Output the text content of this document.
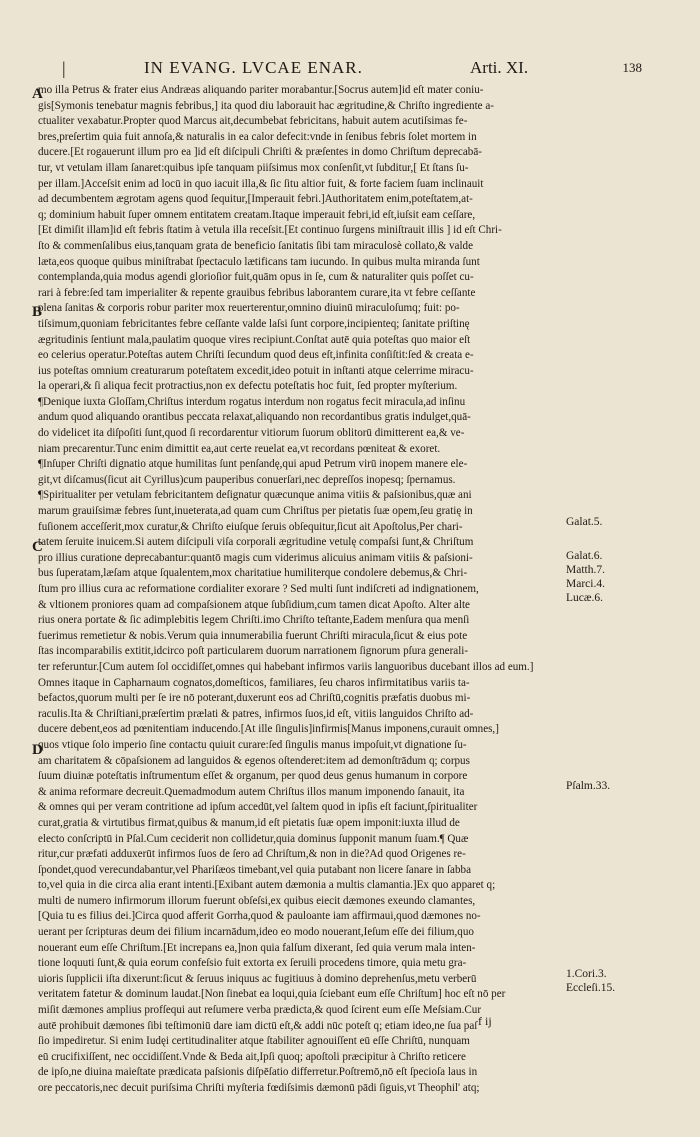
|	IN EVANG. LVCAE ENAR.	Arti. XI.	138
A
B
C
D
mo illa Petrus & frater eius Andrӕas aliquando pariter morabantur.[Socrus autem]id eſt mater coniu-
gis[Symonis tenebatur magnis febribus,] ita quod diu laborauit hac ӕgritudine,& Chriſto ingrediente a-
ctualiter vexabatur.Propter quod Marcus ait,decumbebat febricitans, habuit autem acutiſsimas fe-
bres,preſertim quia fuit annoſa,& naturalis in ea calor defecit:vnde in ſenibus febris ſolet mortem in
ducere.[Et rogauerunt illum pro ea ]id eſt diſcipuli Chriſti & prӕſentes in domo Chriſtum deprecabā-
tur, vt vetulam illam ſanaret:quibus ipſe tanquam piiſsimus mox conſenſit,vt ſubditur,[ Et ſtans ſu-
per illam.]Acceſsit enim ad locū in quo iacuit illa,& ſic ſitu altior fuit, & forte faciem ſuam inclinauit
ad decumbentem ӕgrotam agens quod ſequitur,[Imperauit febri.]Authoritatem enim,poteſtatem,at-
q; dominium habuit ſuper omnem entitatem creatam.Itaque imperauit febri,id eſt,iuſsit eam ceſſare,
[Et dimiſit illam]id eſt febris ſtatim à vetula illa receſsit.[Et continuo ſurgens miniſtrauit illis ] id eſt Chri-
ſto & commenſalibus eius,tanquam grata de beneficio ſanitatis ſibi tam miraculosè collato,& valde
lӕta,eos quoque quibus miniſtrabat ſpectaculo lӕtificans tam iucundo. In quibus multa miranda ſunt
contemplanda,quia modus agendi glorioſior fuit,quām opus in ſe, cum & naturaliter quis poſſet cu-
rari à febre:ſed tam imperialiter & repente grauibus febribus laborantem curare,ita vt febre ceſſante
plena ſanitas & corporis robur pariter mox reuerterentur,omnino diuinū miraculoſumq; fuit: po-
tiſsimum,quoniam febricitantes febre ceſſante valde laſsi ſunt corpore,incipienteq; ſanitate priſtinę
ӕgritudinis ſentiunt mala,paulatim quoque vires recipiunt.Conſtat autē quia poteſtas quo maior eſt
eo celerius operatur.Poteſtas autem Chriſti ſecundum quod deus eſt,infinita conſiſtit:ſed & creata e-
ius poteſtas omnium creaturarum poteſtatem excedit,ideo potuit in inſtanti atque celerrime miracu-
la operari,& ſi aliqua fecit protractius,non ex defectu poteſtatis hoc fuit, ſed propter myſterium.
¶Denique iuxta Gloſſam,Chriſtus interdum rogatus interdum non rogatus fecit miracula,ad inſinu
andum quod aliquando orantibus peccata relaxat,aliquando non recordantibus gratis indulget,quā-
do videlicet ita diſpoſiti ſunt,quod ſi recordarentur vitiorum ſuorum oblitorū dimitterent ea,& ve-
niam precarentur.Tunc enim dimittit ea,aut certe reuelat ea,vt recordans pœniteat & exoret.
¶Inſuper Chriſti dignatio atque humilitas ſunt penſandę,qui apud Petrum virū inopem manere ele-
git,vt diſcamus(ſicut ait Cyrillus)cum pauperibus conuerſari,nec depreſſos inopesq; ſpernamus.
¶Spiritualiter per vetulam febricitantem deſignatur quӕcunque anima vitiis & paſsionibus,quӕ ani
marum grauiſsimӕ febres ſunt,inueterata,ad quam cum Chriſtus per pietatis ſuӕ opem,ſeu gratię in
fuſionem acceſſerit,mox curatur,& Chriſto eiuſque ſeruis obſequitur,ſicut ait Apoſtolus,Per chari-
tatem ſeruite inuicem.Si autem diſcipuli viſa corporali ӕgritudine vetulę compaſsi ſunt,& Chriſtum
pro illius curatione deprecabantur:quantō magis cum viderimus alicuius animam vitiis & paſsioni-
bus ſuperatam,lӕſam atque ſqualentem,mox charitatiue humiliterque condolere debemus,& Chri-
ſtum pro illius cura ac reformatione cordialiter exorare ? Sed multi ſunt indiſcreti ad indignationem,
& vltionem proniores quam ad compaſsionem atque ſubſidium,cum tamen dicat Apoſto. Alter alte
rius onera portate & ſic adimplebitis legem Chriſti.imo Chriſto teſtante,Eadem menſura qua menſi
fuerimus remetietur & nobis.Verum quia innumerabilia fuerunt Chriſti miracula,ſicut & eius pote
ſtas incomparabilis extitit,idcirco poſt particularem duorum narrationem ſignorum pſura generali-
ter referuntur.[Cum autem ſol occidiſſet,omnes qui habebant infirmos variis languoribus ducebant illos ad eum.]
Omnes itaque in Capharnaum cognatos,domeſticos, familiares, ſeu charos infirmitatibus variis ta-
befactos,quorum multi per ſe ire nō poterant,duxerunt eos ad Chriſtū,cognitis prӕfatis duobus mi-
raculis.Ita & Chriſtiani,prӕſertim prӕlati & patres, infirmos ſuos,id eſt, vitiis languidos Chriſto ad-
ducere debent,eos ad pœnitentiam inducendo.[At ille ſingulis]infirmis[Manus imponens,curauit omnes,]
quos vtique ſolo imperio ſine contactu quiuit curare:ſed ſingulis manus impoſuit,vt dignatione ſu-
am charitatem & cōpaſsionem ad languidos & egenos oſtenderet:item ad demonſtrādum q; corpus
ſuum diuinӕ poteſtatis inſtrumentum eſſet & organum, per quod deus genus humanum in corpore
& anima reformare decreuit.Quemadmodum autem Chriſtus illos manum imponendo ſanauit, ita
& omnes qui per veram contritione ad ipſum accedūt,vel ſaltem quod in ipſis eſt faciunt,ſpiritualiter
curat,gratia & virtutibus firmat,quibus & manum,id eſt pietatis ſuӕ opem imponit:iuxta illud de
electo conſcriptū in Pſal.Cum ceciderit non collidetur,quia dominus ſupponit manum ſuam.¶ Quӕ
ritur,cur prӕfati adduxerūt infirmos ſuos de ſero ad Chriſtum,& non in die?Ad quod Origenes re-
ſpondet,quod verecundabantur,vel Phariſӕos timebant,vel quia putabant non licere ſanare in ſabba
to,vel quia in die circa alia erant intenti.[Exibant autem dӕmonia a multis clamantia.]Ex quo apparet q;
multi de numero infirmorum illorum fuerunt obſeſsi,ex quibus eiecit dӕmones exeundo clamantes,
[Quia tu es filius dei.]Circa quod afferit Gorrha,quod & pauloante iam affirmaui,quod dӕmones no-
uerant per ſcripturas deum dei filium incarnādum,ideo eo modo nouerant,Ieſum eſſe dei filium,quo
nouerant eum eſſe Chriſtum.[Et increpans ea,]non quia falſum dixerant, ſed quia verum mala inten-
tione loquuti ſunt,& quia eorum confeſsio fuit extorta ex ſeruili procedens timore, quia metu gra-
uioris ſupplicii iſta dixerunt:ſicut & ſeruus iniquus ac fugitiuus à domino deprehenſus,metu verberū
veritatem fatetur & dominum laudat.[Non ſinebat ea loqui,quia ſciebant eum eſſe Chriſtum] hoc eſt nō per
miſit dӕmones amplius profſequi aut reſumere verba prӕdicta,& quod ſcirent eum eſſe Meſsiam.Cur
autē prohibuit dӕmones ſibi teſtimoniū dare iam dictū eſt,& addi nūc poteſt q; etiam ideo,ne ſua paſ
ſio impediretur. Si enim Iudęi certitudinaliter atque ſtabiliter agnouiſſent eū eſſe Chriſtū, nunquam
eū crucifixiſſent, nec occidiſſent.Vnde & Beda ait,Ipſi quoq; apoſtoli prӕcipitur à Chriſto reticere
de ipſo,ne diuina maieſtate prӕdicata paſsionis diſpēſatio differretur.Poſtremō,nō eſt ſpecioſa laus in
ore peccatoris,nec decuit puriſsima Chriſti myſteria fœdiſsimis dӕmonū pādi ſiguis,vt Theophil' atq;
Galat.5.
Galat.6.
Matth.7.
Marci.4.
Lucӕ.6.
Pſalm.33.
1.Cori.3.
Eccleſi.15.
f ij
